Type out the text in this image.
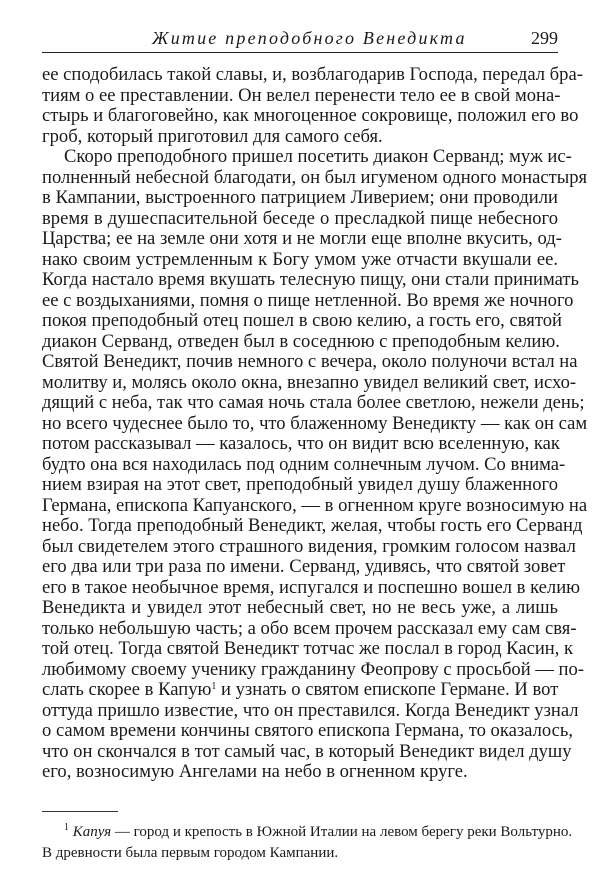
Житие преподобного Венедикта	299
ее сподобилась такой славы, и, возблагодарив Господа, передал бра-
тиям о ее преставлении. Он велел перенести тело ее в свой мона-
стырь и благоговейно, как многоценное сокровище, положил его во
гроб, который приготовил для самого себя.
Скоро преподобного пришел посетить диакон Серванд; муж ис-
полненный небесной благодати, он был игуменом одного монастыря
в Кампании, выстроенного патрицием Ливерием; они проводили
время в душеспасительной беседе о пресладкой пище небесного
Царства; ее на земле они хотя и не могли еще вполне вкусить, од-
нако своим устремленным к Богу умом уже отчасти вкушали ее.
Когда настало время вкушать телесную пищу, они стали принимать
ее с воздыханиями, помня о пище нетленной. Во время же ночного
покоя преподобный отец пошел в свою келию, а гость его, святой
диакон Серванд, отведен был в соседнюю с преподобным келию.
Святой Венедикт, почив немного с вечера, около полуночи встал на
молитву и, молясь около окна, внезапно увидел великий свет, исхо-
дящий с неба, так что самая ночь стала более светлою, нежели день;
но всего чудеснее было то, что блаженному Венедикту — как он сам
потом рассказывал — казалось, что он видит всю вселенную, как
будто она вся находилась под одним солнечным лучом. Со внима-
нием взирая на этот свет, преподобный увидел душу блаженного
Германа, епископа Капуанского, — в огненном круге возносимую на
небо. Тогда преподобный Венедикт, желая, чтобы гость его Серванд
был свидетелем этого страшного видения, громким голосом назвал
его два или три раза по имени. Серванд, удивясь, что святой зовет
его в такое необычное время, испугался и поспешно вошел в келию
Венедикта и увидел этот небесный свет, но не весь уже, а лишь
только небольшую часть; а обо всем прочем рассказал ему сам свя-
той отец. Тогда святой Венедикт тотчас же послал в город Касин, к
любимому своему ученику гражданину Феопрову с просьбой — по-
слать скорее в Капую$^1$ и узнать о святом епископе Германе. И вот
оттуда пришло известие, что он преставился. Когда Венедикт узнал
о самом времени кончины святого епископа Германа, то оказалось,
что он скончался в тот самый час, в который Венедикт видел душу
его, возносимую Ангелами на небо в огненном круге.
$^1$ Капуя — город и крепость в Южной Италии на левом берегу реки Вольтурно.
В древности была первым городом Кампании.
